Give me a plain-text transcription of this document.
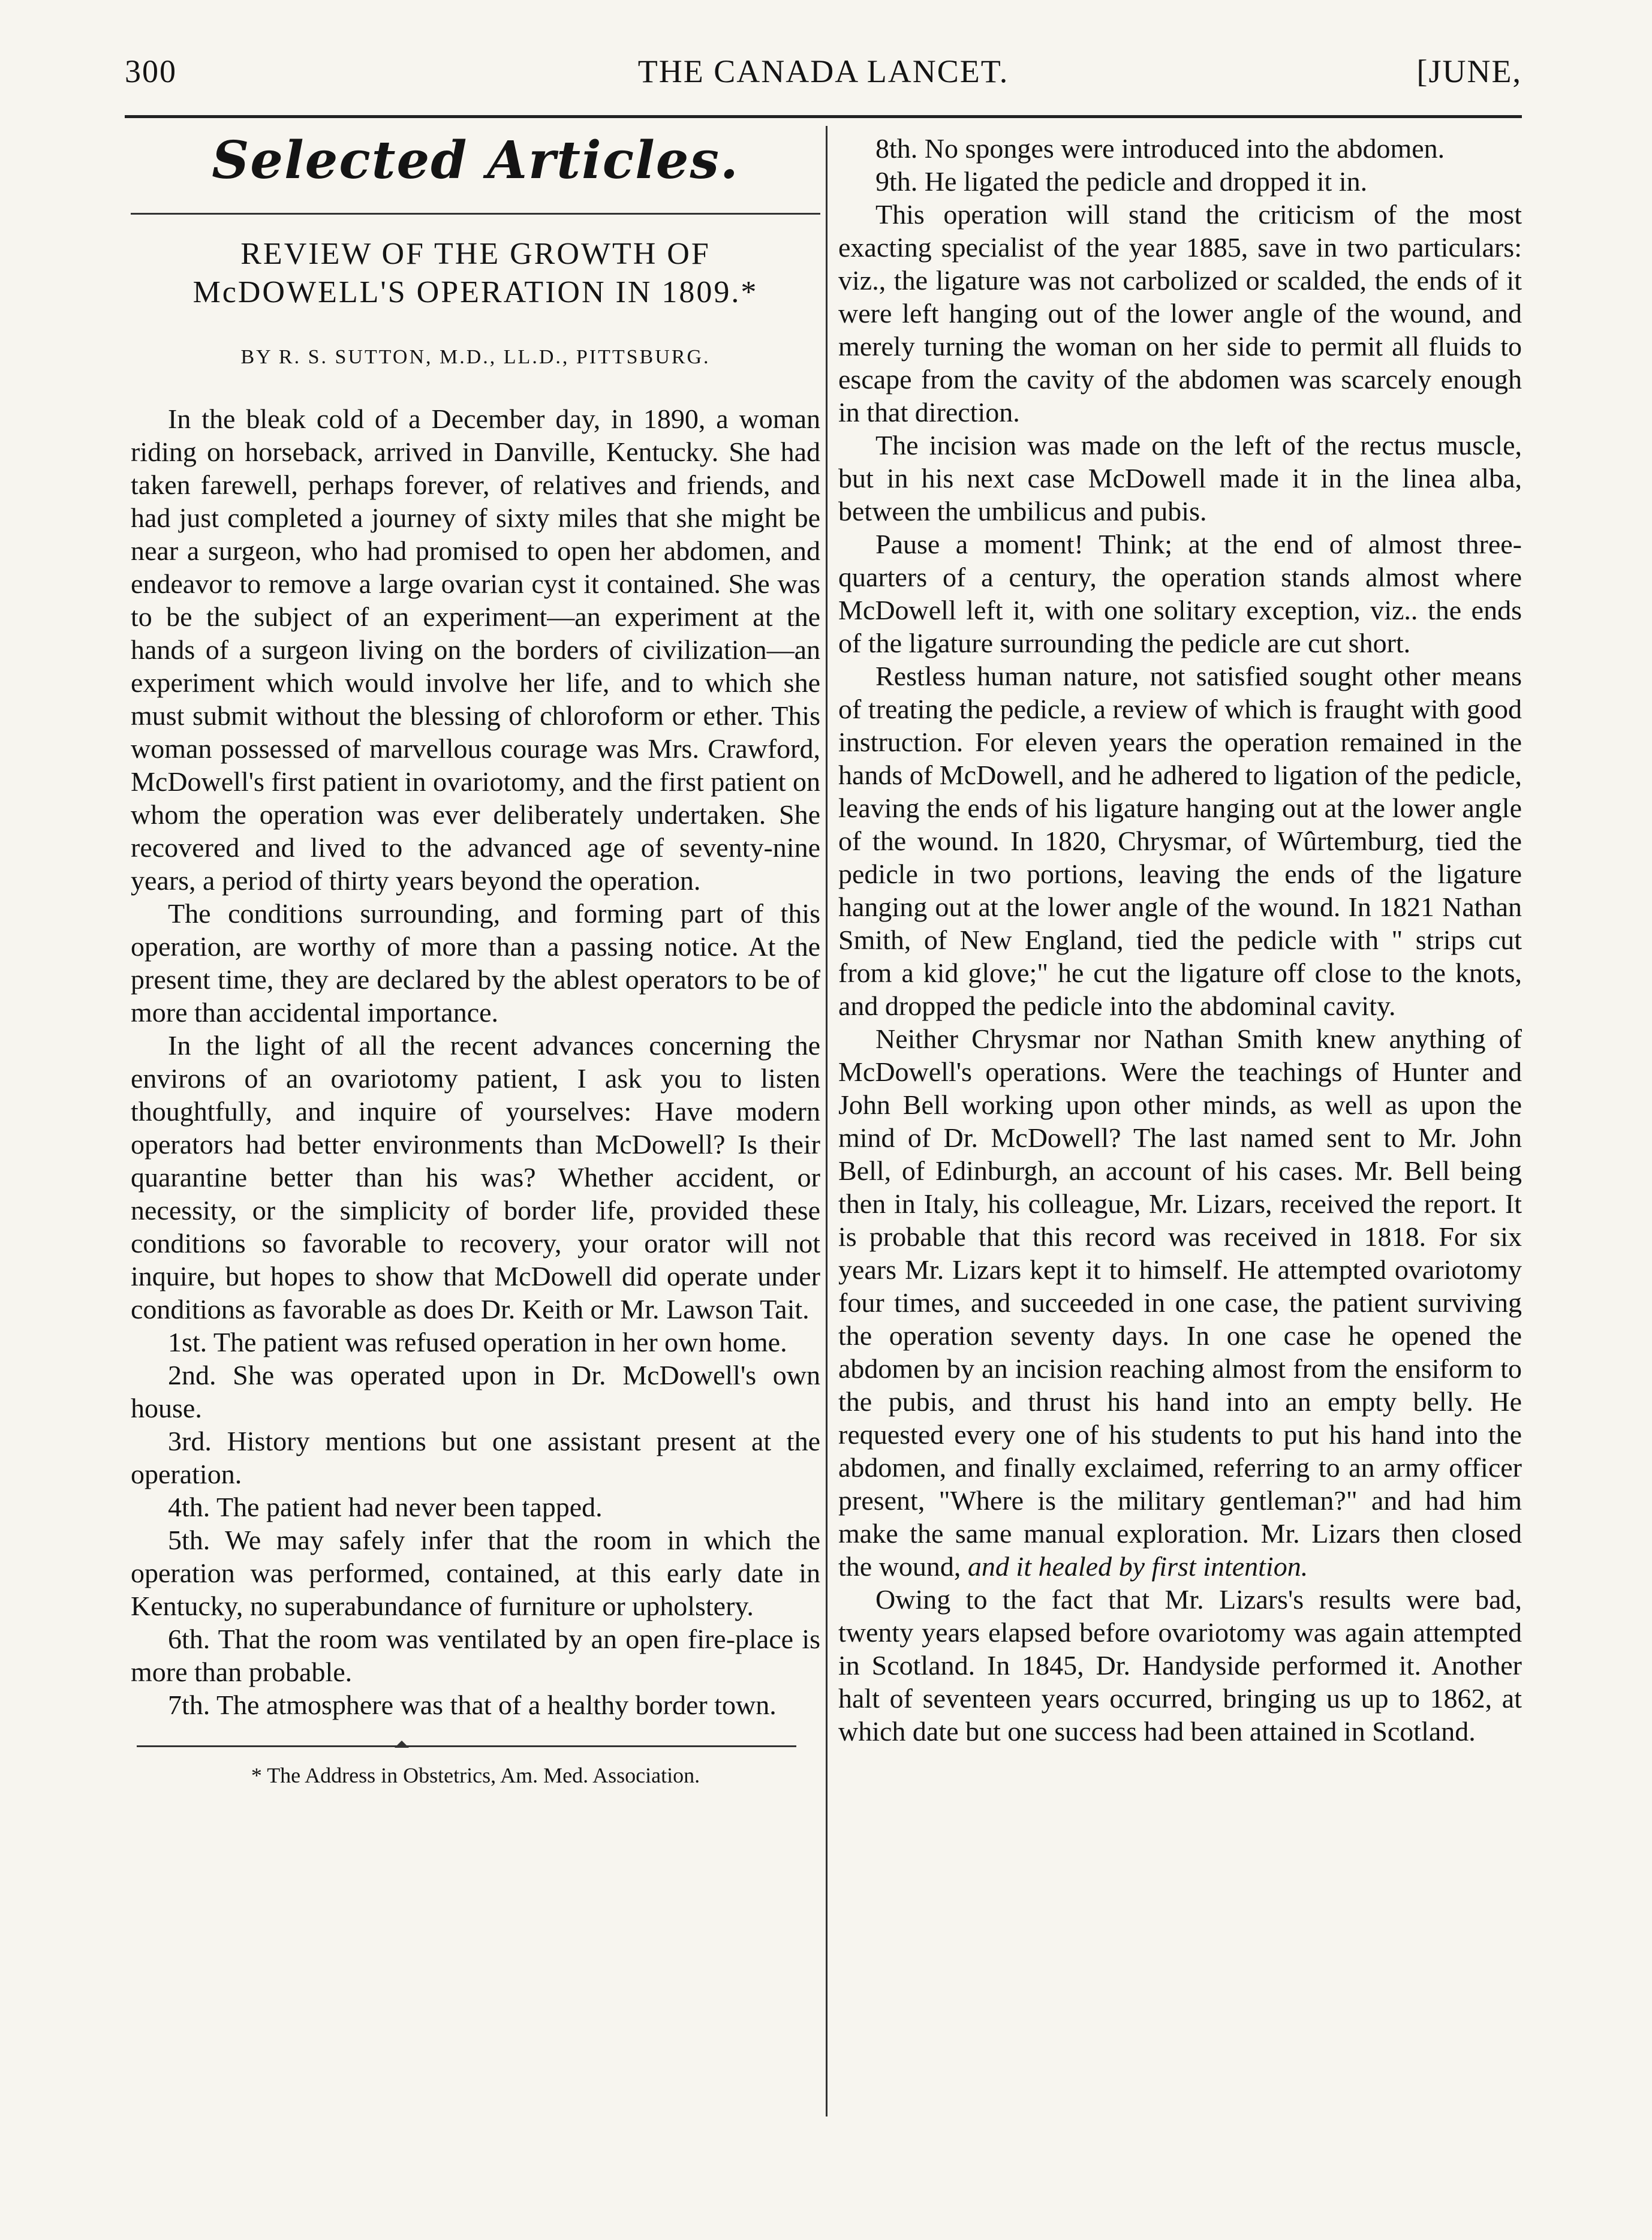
300	THE CANADA LANCET.	[JUNE,
Selected Articles.
REVIEW OF THE GROWTH OF McDOWELL'S OPERATION IN 1809.*
BY R. S. SUTTON, M.D., LL.D., PITTSBURG.

In the bleak cold of a December day, in 1890, a woman riding on horseback, arrived in Danville, Kentucky. She had taken farewell, perhaps forever, of relatives and friends, and had just completed a journey of sixty miles that she might be near a surgeon, who had promised to open her abdomen, and endeavor to remove a large ovarian cyst it contained. She was to be the subject of an experiment—an experiment at the hands of a surgeon living on the borders of civilization—an experiment which would involve her life, and to which she must submit without the blessing of chloroform or ether. This woman possessed of marvellous courage was Mrs. Crawford, McDowell's first patient in ovariotomy, and the first patient on whom the operation was ever deliberately undertaken. She recovered and lived to the advanced age of seventy-nine years, a period of thirty years beyond the operation.

The conditions surrounding, and forming part of this operation, are worthy of more than a passing notice. At the present time, they are declared by the ablest operators to be of more than accidental importance.

In the light of all the recent advances concerning the environs of an ovariotomy patient, I ask you to listen thoughtfully, and inquire of yourselves: Have modern operators had better environments than McDowell? Is their quarantine better than his was? Whether accident, or necessity, or the simplicity of border life, provided these conditions so favorable to recovery, your orator will not inquire, but hopes to show that McDowell did operate under conditions as favorable as does Dr. Keith or Mr. Lawson Tait.

1st. The patient was refused operation in her own home.

2nd. She was operated upon in Dr. McDowell's own house.

3rd. History mentions but one assistant present at the operation.

4th. The patient had never been tapped.

5th. We may safely infer that the room in which the operation was performed, contained, at this early date in Kentucky, no superabundance of furniture or upholstery.

6th. That the room was ventilated by an open fire-place is more than probable.

7th. The atmosphere was that of a healthy border town.

* The Address in Obstetrics, Am. Med. Association.

8th. No sponges were introduced into the abdomen.

9th. He ligated the pedicle and dropped it in.

This operation will stand the criticism of the most exacting specialist of the year 1885, save in two particulars: viz., the ligature was not carbolized or scalded, the ends of it were left hanging out of the lower angle of the wound, and merely turning the woman on her side to permit all fluids to escape from the cavity of the abdomen was scarcely enough in that direction.

The incision was made on the left of the rectus muscle, but in his next case McDowell made it in the linea alba, between the umbilicus and pubis.

Pause a moment! Think; at the end of almost three-quarters of a century, the operation stands almost where McDowell left it, with one solitary exception, viz.. the ends of the ligature surrounding the pedicle are cut short.

Restless human nature, not satisfied sought other means of treating the pedicle, a review of which is fraught with good instruction. For eleven years the operation remained in the hands of McDowell, and he adhered to ligation of the pedicle, leaving the ends of his ligature hanging out at the lower angle of the wound. In 1820, Chrysmar, of Wûrtemburg, tied the pedicle in two portions, leaving the ends of the ligature hanging out at the lower angle of the wound. In 1821 Nathan Smith, of New England, tied the pedicle with " strips cut from a kid glove;" he cut the ligature off close to the knots, and dropped the pedicle into the abdominal cavity.

Neither Chrysmar nor Nathan Smith knew anything of McDowell's operations. Were the teachings of Hunter and John Bell working upon other minds, as well as upon the mind of Dr. McDowell? The last named sent to Mr. John Bell, of Edinburgh, an account of his cases. Mr. Bell being then in Italy, his colleague, Mr. Lizars, received the report. It is probable that this record was received in 1818. For six years Mr. Lizars kept it to himself. He attempted ovariotomy four times, and succeeded in one case, the patient surviving the operation seventy days. In one case he opened the abdomen by an incision reaching almost from the ensiform to the pubis, and thrust his hand into an empty belly. He requested every one of his students to put his hand into the abdomen, and finally exclaimed, referring to an army officer present, "Where is the military gentleman?" and had him make the same manual exploration. Mr. Lizars then closed the wound, and it healed by first intention.

Owing to the fact that Mr. Lizars's results were bad, twenty years elapsed before ovariotomy was again attempted in Scotland. In 1845, Dr. Handyside performed it. Another halt of seventeen years occurred, bringing us up to 1862, at which date but one success had been attained in Scotland.
